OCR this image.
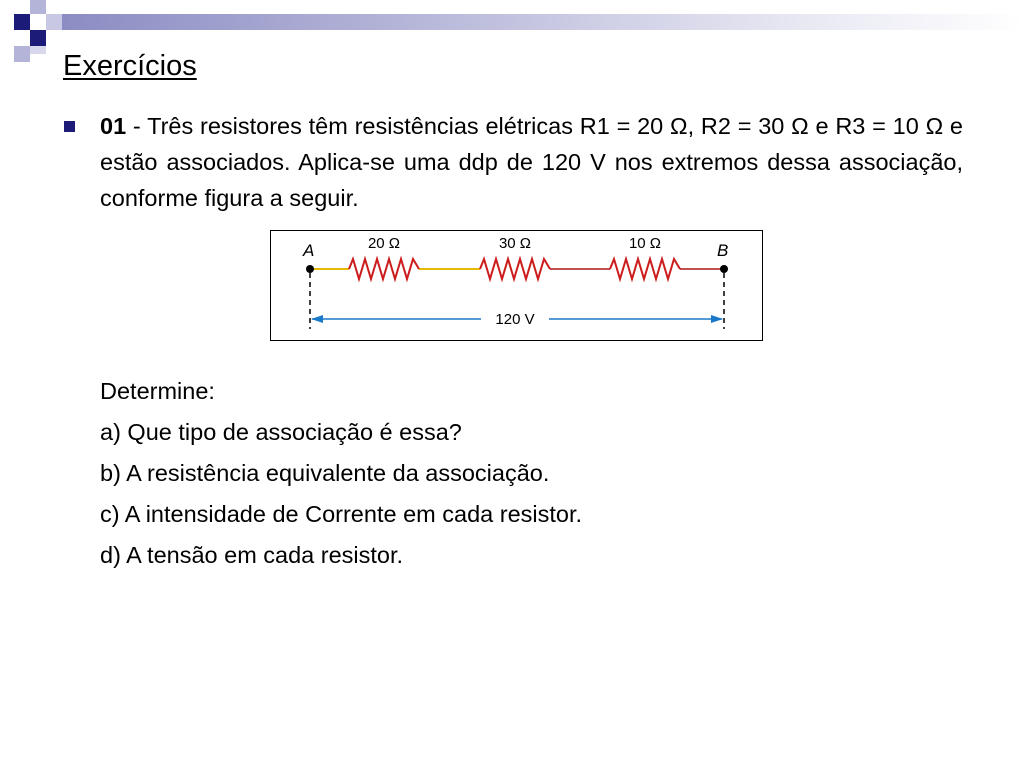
Exercícios

01 - Três resistores têm resistências elétricas R1 = 20 Ω, R2 = 30 Ω e R3 = 10 Ω e estão associados. Aplica-se uma ddp de 120 V nos extremos dessa associação, conforme figura a seguir.

A	B
20 Ω	30 Ω	10 Ω
120 V

Determine:

a) Que tipo de associação é essa?

b) A resistência equivalente da associação.

c) A intensidade de Corrente em cada resistor.

d) A tensão em cada resistor.
